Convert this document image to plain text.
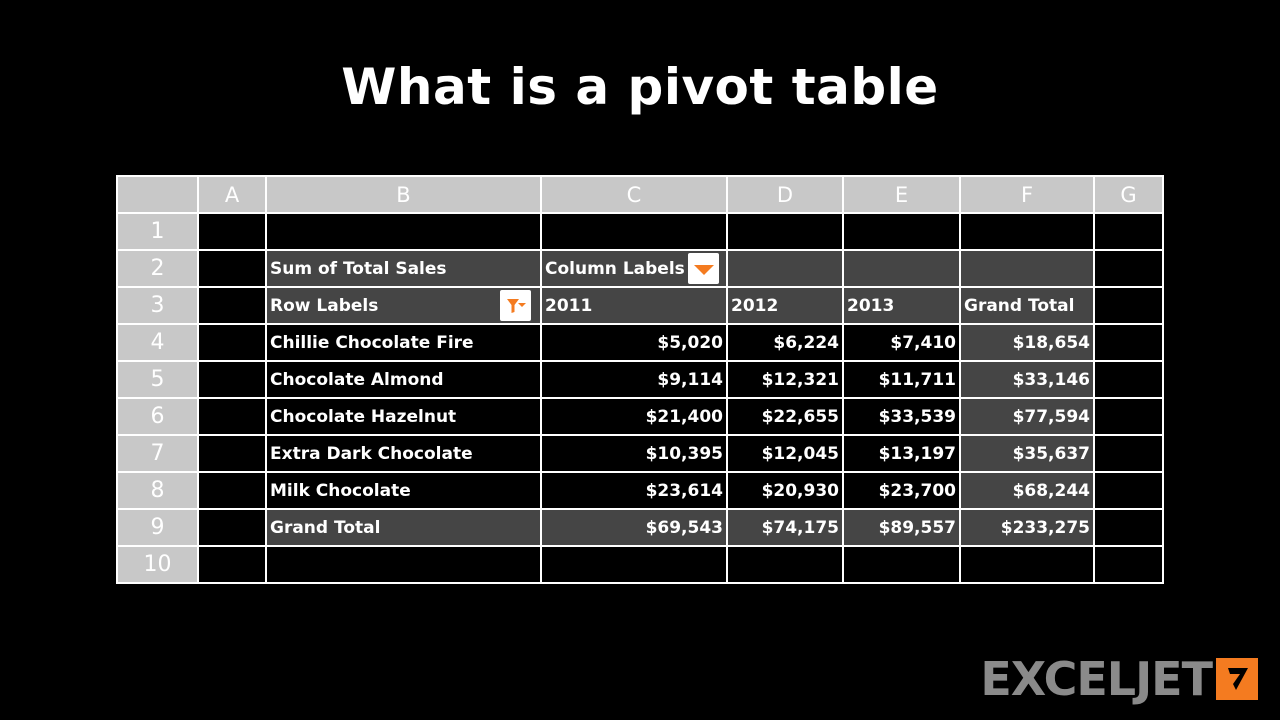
What is a pivot table
	A	B	C	D	E	F	G
1							
2		Sum of Total Sales	Column Labels				

3		Row Labels	2011	2012	2013	Grand Total	
4		Chillie Chocolate Fire	$5,020	$6,224	$7,410	$18,654	
5		Chocolate Almond	$9,114	$12,321	$11,711	$33,146	
6		Chocolate Hazelnut	$21,400	$22,655	$33,539	$77,594	
7		Extra Dark Chocolate	$10,395	$12,045	$13,197	$35,637	
8		Milk Chocolate	$23,614	$20,930	$23,700	$68,244	
9		Grand Total	$69,543	$74,175	$89,557	$233,275	
10							
EXCELJET
